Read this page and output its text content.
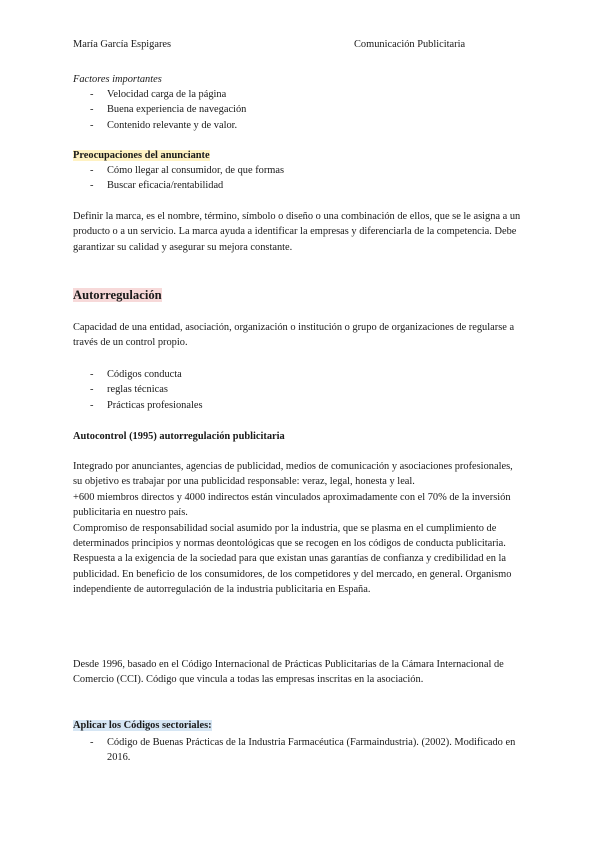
María García Espigares	Comunicación Publicitaria
Factores importantes
- Velocidad carga de la página
- Buena experiencia de navegación
- Contenido relevante y de valor.
Preocupaciones del anunciante
- Cómo llegar al consumidor, de que formas
- Buscar eficacia/rentabilidad

Definir la marca, es el nombre, término, símbolo o diseño o una combinación de ellos, que se le asigna a un producto o a un servicio. La marca ayuda a identificar la empresas y diferenciarla de la competencia. Debe garantizar su calidad y asegurar su mejora constante.

Autorregulación

Capacidad de una entidad, asociación, organización o institución o grupo de organizaciones de regularse a través de un control propio.

- Códigos conducta
- reglas técnicas
- Prácticas profesionales
Autocontrol (1995) autorregulación publicitaria

Integrado por anunciantes, agencias de publicidad, medios de comunicación y asociaciones profesionales, su objetivo es trabajar por una publicidad responsable: veraz, legal, honesta y leal.

+600 miembros directos y 4000 indirectos están vinculados aproximadamente con el 70% de la inversión publicitaria en nuestro país.

Compromiso de responsabilidad social asumido por la industria, que se plasma en el cumplimiento de determinados principios y normas deontológicas que se recogen en los códigos de conducta publicitaria.

Respuesta a la exigencia de la sociedad para que existan unas garantías de confianza y credibilidad en la publicidad. En beneficio de los consumidores, de los competidores y del mercado, en general. Organismo independiente de autorregulación de la industria publicitaria en España.

Desde 1996, basado en el Código Internacional de Prácticas Publicitarias de la Cámara Internacional de Comercio (CCI). Código que vincula a todas las empresas inscritas en la asociación.

Aplicar los Códigos sectoriales:
- Código de Buenas Prácticas de la Industria Farmacéutica (Farmaindustria). (2002). Modificado en 2016.
